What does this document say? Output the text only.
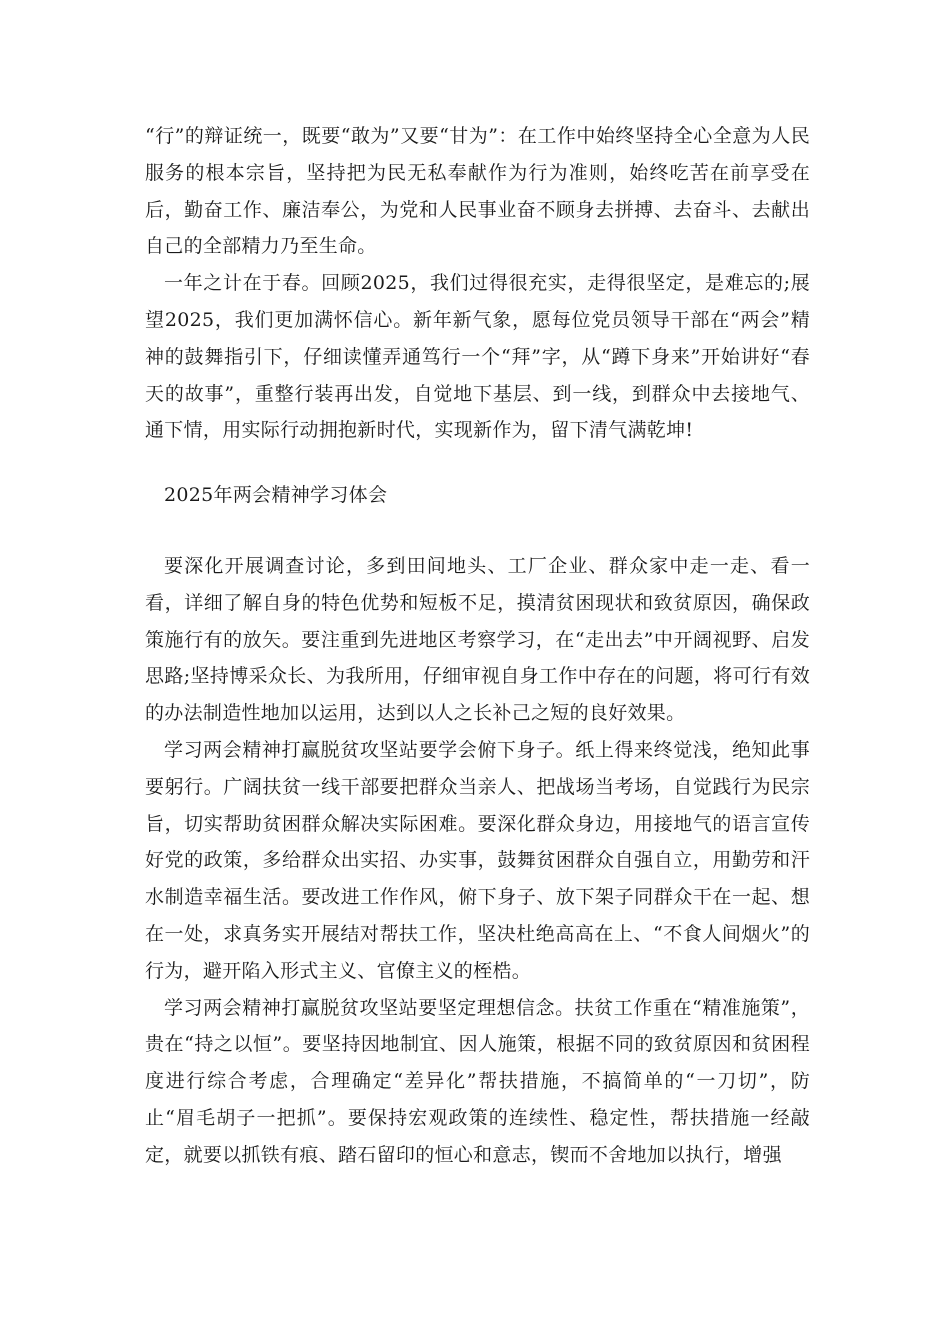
“行”的辩证统一，既要“敢为”又要“甘为”：在工作中始终坚持全心全意为人民服务的根本宗旨，坚持把为民无私奉献作为行为准则，始终吃苦在前享受在后，勤奋工作、廉洁奉公，为党和人民事业奋不顾身去拼搏、去奋斗、去献出自己的全部精力乃至生命。

一年之计在于春。回顾2025，我们过得很充实，走得很坚定，是难忘的;展望2025，我们更加满怀信心。新年新气象，愿每位党员领导干部在“两会”精神的鼓舞指引下，仔细读懂弄通笃行一个“拜”字，从“蹲下身来”开始讲好“春天的故事”，重整行装再出发，自觉地下基层、到一线，到群众中去接地气、通下情，用实际行动拥抱新时代，实现新作为，留下清气满乾坤!

2025年两会精神学习体会

要深化开展调查讨论，多到田间地头、工厂企业、群众家中走一走、看一看，详细了解自身的特色优势和短板不足，摸清贫困现状和致贫原因，确保政策施行有的放矢。要注重到先进地区考察学习，在“走出去”中开阔视野、启发思路;坚持博采众长、为我所用，仔细审视自身工作中存在的问题，将可行有效的办法制造性地加以运用，达到以人之长补己之短的良好效果。

学习两会精神打赢脱贫攻坚站要学会俯下身子。纸上得来终觉浅，绝知此事要躬行。广阔扶贫一线干部要把群众当亲人、把战场当考场，自觉践行为民宗旨，切实帮助贫困群众解决实际困难。要深化群众身边，用接地气的语言宣传好党的政策，多给群众出实招、办实事，鼓舞贫困群众自强自立，用勤劳和汗水制造幸福生活。要改进工作作风，俯下身子、放下架子同群众干在一起、想在一处，求真务实开展结对帮扶工作，坚决杜绝高高在上、“不食人间烟火”的行为，避开陷入形式主义、官僚主义的桎梏。

学习两会精神打赢脱贫攻坚站要坚定理想信念。扶贫工作重在“精准施策”，贵在“持之以恒”。要坚持因地制宜、因人施策，根据不同的致贫原因和贫困程度进行综合考虑，合理确定“差异化”帮扶措施，不搞简单的“一刀切”，防止“眉毛胡子一把抓”。要保持宏观政策的连续性、稳定性，帮扶措施一经敲定，就要以抓铁有痕、踏石留印的恒心和意志，锲而不舍地加以执行，增强
